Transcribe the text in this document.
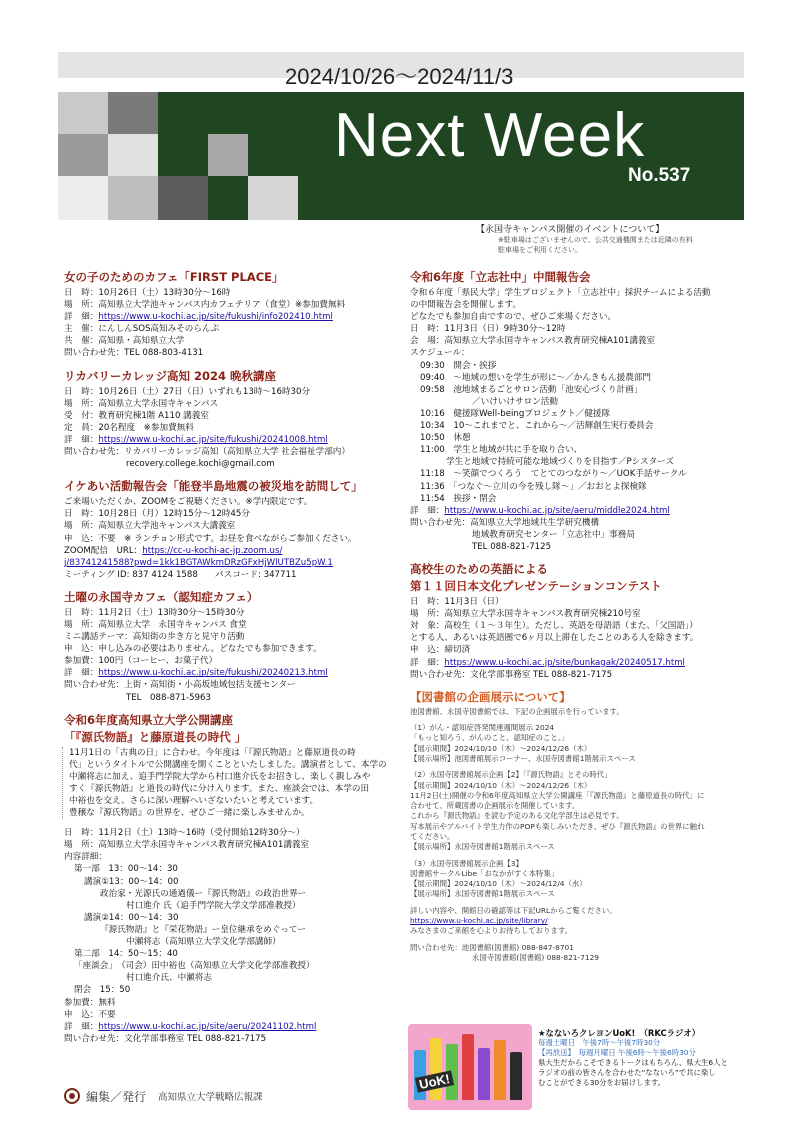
2024/10/26～2024/11/3
Next Week
No.537
【永国寺キャンパス開催のイベントについて】
※駐車場はございませんので、公共交通機関または近隣の有料
駐車場をご利用ください。
女の子のためのカフェ「FIRST PLACE」
日　時：10月26日（土）13時30分～16時
場　所：高知県立大学池キャンパス内カフェテリア（食堂）※参加費無料
詳　細：https://www.u-kochi.ac.jp/site/fukushi/info202410.html
主　催：にんしんSOS高知みそのらんぷ
共　催：高知県・高知県立大学
問い合わせ先：TEL 088-803-4131
リカバリーカレッジ高知 2024 晩秋講座
日　時：10月26日（土）27日（日）いずれも13時～16時30分
場　所：高知県立大学永国寺キャンパス
受　付：教育研究棟1階 A110 講義室
定　員：20名程度　※参加費無料
詳　細：https://www.u-kochi.ac.jp/site/fukushi/20241008.html
問い合わせ先：リカバリーカレッジ高知（高知県立大学 社会福祉学部内）
recovery.college.kochi@gmail.com
イケあい活動報告会「能登半島地震の被災地を訪問して」
ご来場いただくか、ZOOMをご視聴ください。※学内限定です。
日　時：10月28日（月）12時15分～12時45分
場　所：高知県立大学池キャンパス大講義室
申　込：不要　※ ランチョン形式です。お昼を食べながらご参加ください。
ZOOM配信　URL：https://cc-u-kochi-ac-jp.zoom.us/
j/83741241588?pwd=1kk1BGTAWkmDRzGFxHjWlUTBZu5pW.1
ミーティング ID: 837 4124 1588　　パスコード: 347711
土曜の永国寺カフェ（認知症カフェ）
日　時：11月2日（土）13時30分～15時30分
場　所：高知県立大学　永国寺キャンパス 食堂
ミニ講話テーマ：高知街の歩き方と見守り活動
申　込：申し込みの必要はありません。どなたでも参加できます。
参加費：100円（コーヒー、お菓子代）
詳　細：https://www.u-kochi.ac.jp/site/fukushi/20240213.html
問い合わせ先：上街・高知街・小高坂地域包括支援センター
TEL　088-871-5963
令和6年度高知県立大学公開講座
「『源氏物語』と藤原道長の時代 」
11月1日の「古典の日」に合わせ、今年度は「『源氏物語』と藤原道長の時
代」というタイトルで公開講座を開くことといたしました。講演者として、本学の
中瀬将志に加え、追手門学院大学から村口進介氏をお招きし、楽しく親しみや
すく『源氏物語』と道長の時代に分け入ります。また、座談会では、本学の田
中裕也を交え、さらに深い理解へいざないたいと考えています。
豊穣な『源氏物語』の世界を、ぜひご一緒に楽しみませんか。
日　時：11月2日（土）13時～16時（受付開始12時30分～）
場　所：高知県立大学永国寺キャンパス教育研究棟A101講義室
内容詳細：
第一部　13：00～14：30
講演①13：00～14：00
政治家・光源氏の通過儀ー『源氏物語』の政治世界ー
村口進介 氏（追手門学院大学文学部准教授）
講演②14：00～14：30
『源氏物語』と『栄花物語』ー皇位継承をめぐってー
中瀬将志（高知県立大学文化学部講師）
第二部　14：50～15：40
「座談会」　（司会）田中裕也（高知県立大学文化学部准教授）
村口進介氏、中瀬将志
閉会　15：50
参加費：無料
申　込：不要
詳　細：https://www.u-kochi.ac.jp/site/aeru/20241102.html
問い合わせ先：文化学部事務室 TEL 088-821-7175
令和6年度「立志社中」中間報告会
令和６年度「県民大学」学生プロジェクト「立志社中」採択チームによる活動
の中間報告会を開催します。
どなたでも参加自由ですので、ぜひご来場ください。
日　時：11月3日（日）9時30分～12時
会　場：高知県立大学永国寺キャンパス教育研究棟A101講義室
スケジュール：
09:30　開会・挨拶
09:40　～地域の想いを学生が形に～／かんきもん援農部門
09:58　池地域まるごとサロン活動「池安心づくり計画」
／いけいけサロン活動
10:16　健援隊Well-beingプロジェクト／健援隊
10:34　10～これまでと、これから～／活輝創生実行委員会
10:50　休憩
11:00　学生と地域が共に手を取り合い、
学生と地域で持続可能な地域づくりを目指す／Pシスターズ
11:18　～笑顔でつくろう　てとてのつながり～／UOK手話サークル
11:36　「つなぐ～立川の今を残し隊～」／おおとよ探検隊
11:54　挨拶・閉会
詳　細：https://www.u-kochi.ac.jp/site/aeru/middle2024.html
問い合わせ先：高知県立大学地域共生学研究機構
地域教育研究センター「立志社中」事務局
TEL 088-821-7125
高校生のための英語による
第１１回日本文化プレゼンテーションコンテスト
日　時：11月3日（日）
場　所：高知県立大学永国寺キャンパス教育研究棟210号室
対　象：高校生（１～３年生）。ただし、英語を母語語（また、「父国語」）
とする人、あるいは英語圏で6ヶ月以上滞在したことのある人を除きます。
申　込：締切済
詳　細：https://www.u-kochi.ac.jp/site/bunkagak/20240517.html
問い合わせ先：文化学部事務室 TEL 088-821-7175
【図書館の企画展示について】
池図書館、永国寺図書館では、下記の企画展示を行っています。
（1）がん・認知症啓発関連週間展示 2024
「もっと知ろう、がんのこと、認知症のこと。」
【展示期間】2024/10/10（木）～2024/12/26（木）
【展示場所】池図書館展示コーナー、永国寺図書館1階展示スペース
（2）永国寺図書館展示企画【2】「『源氏物語』とその時代」
【展示期間】2024/10/10（木）～2024/12/26（木）
11月2日(土)開催の令和6年度高知県立大学公開講座「『源氏物語』と藤原道長の時代」に
合わせて、所蔵図書の企画展示を開催しています。
これから『源氏物語』を読む予定のある文化学部生は必見です。
写本展示やアルバイト学生力作のPOPも楽しみいただき、ぜひ『源氏物語』の世界に触れ
てください。
【展示場所】永国寺図書館1階展示スペース
（3）永国寺図書館展示企画【3】
図書館サークルLibe「おなかがすく本特集」
【展示期間】2024/10/10（木）～2024/12/4（水）
【展示場所】永国寺図書館1階展示スペース
詳しい内容や、開館日の確認等は下記URLからご覧ください。
https://www.u-kochi.ac.jp/site/library/
みなさまのご来館を心よりお待ちしております。
問い合わせ先：池図書館(図書館) 088-847-8701
永国寺図書館(図書館) 088-821-7129
UoK!
★なないろクレヨンUoK!　（RKCラジオ）
毎週土曜日　午後7時～午後7時30分
【再放送】　毎週月曜日 午後6時～午後6時30分
県大生だからこそできるトークはもちろん、県大生6人と
ラジオの前の皆さんを合わせた“なないろ”で共に楽し
むことができる30分をお届けします。
編集／発行 高知県立大学戦略広報課
